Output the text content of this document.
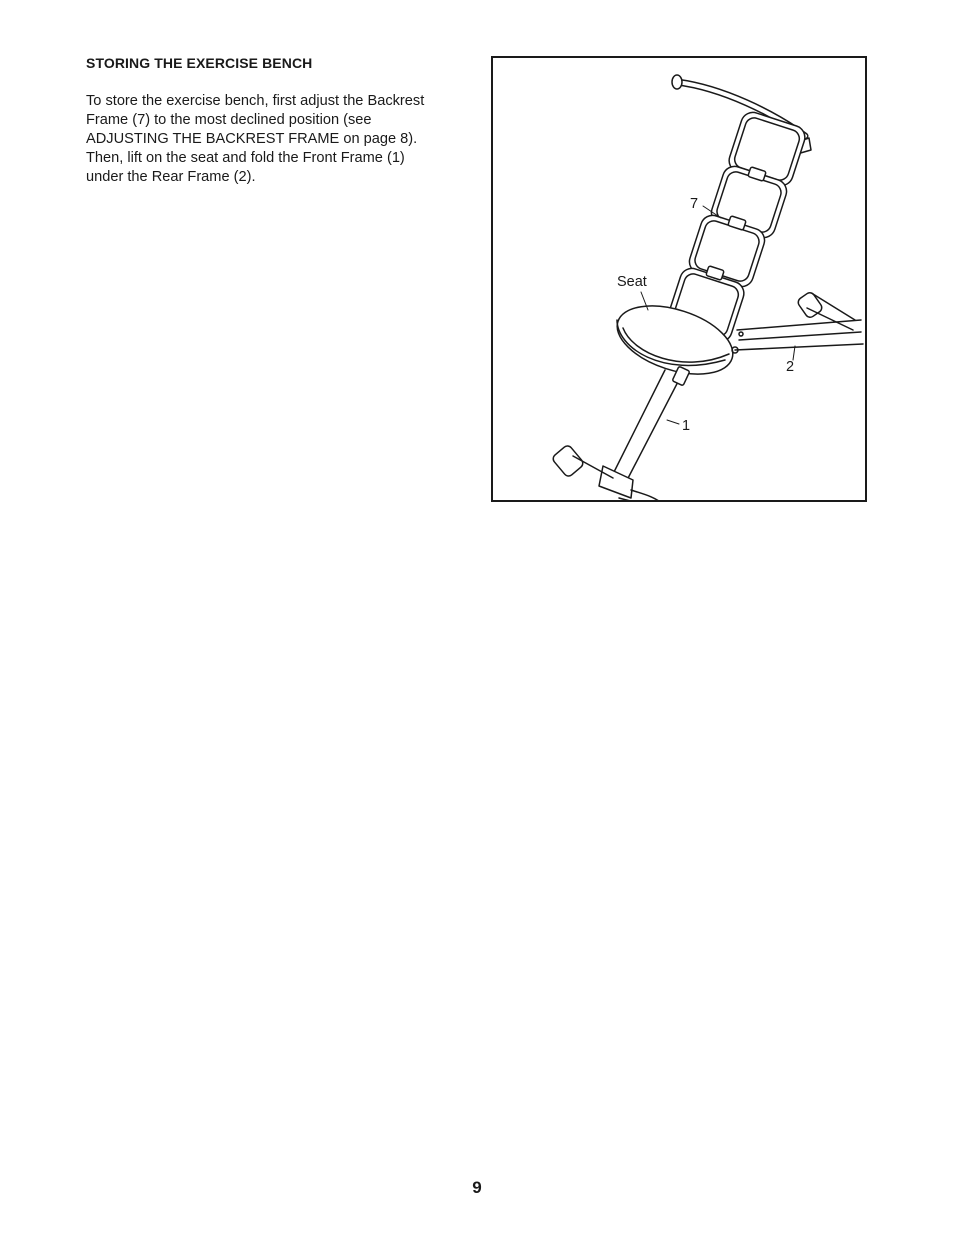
STORING THE EXERCISE BENCH
To store the exercise bench, first adjust the Backrest
Frame (7) to the most declined position (see
ADJUSTING THE BACKREST FRAME on page 8).
Then, lift on the seat and fold the Front Frame (1)
under the Rear Frame (2).
7
Seat
2
1
9
